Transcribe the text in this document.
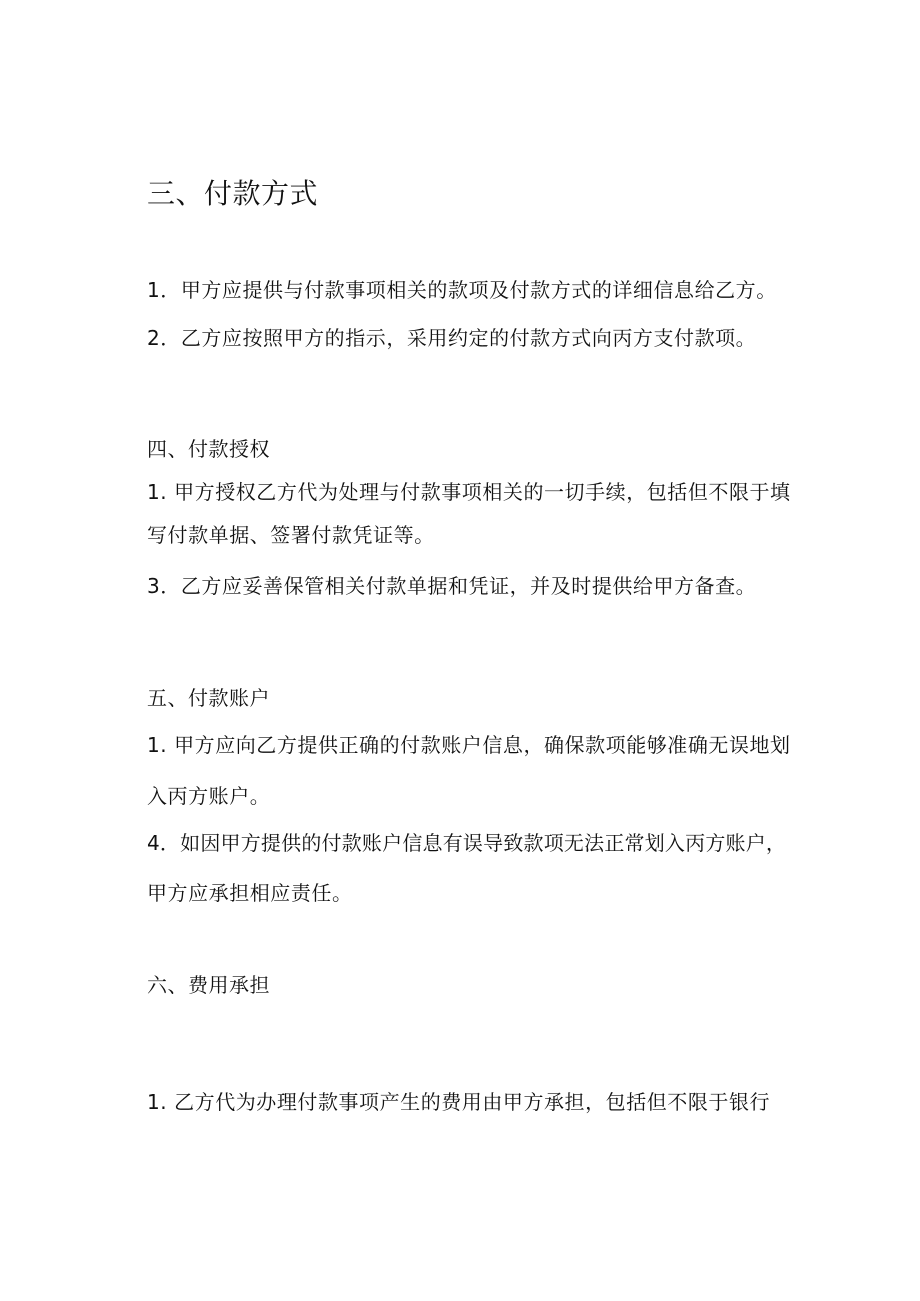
三、付款方式
1．甲方应提供与付款事项相关的款项及付款方式的详细信息给乙方。
2．乙方应按照甲方的指示，采用约定的付款方式向丙方支付款项。
四、付款授权
1. 甲方授权乙方代为处理与付款事项相关的一切手续，包括但不限于填
写付款单据、签署付款凭证等。
3．乙方应妥善保管相关付款单据和凭证，并及时提供给甲方备查。
五、付款账户
1. 甲方应向乙方提供正确的付款账户信息，确保款项能够准确无误地划
入丙方账户。
4．如因甲方提供的付款账户信息有误导致款项无法正常划入丙方账户，
甲方应承担相应责任。
六、费用承担
1. 乙方代为办理付款事项产生的费用由甲方承担，包括但不限于银行
